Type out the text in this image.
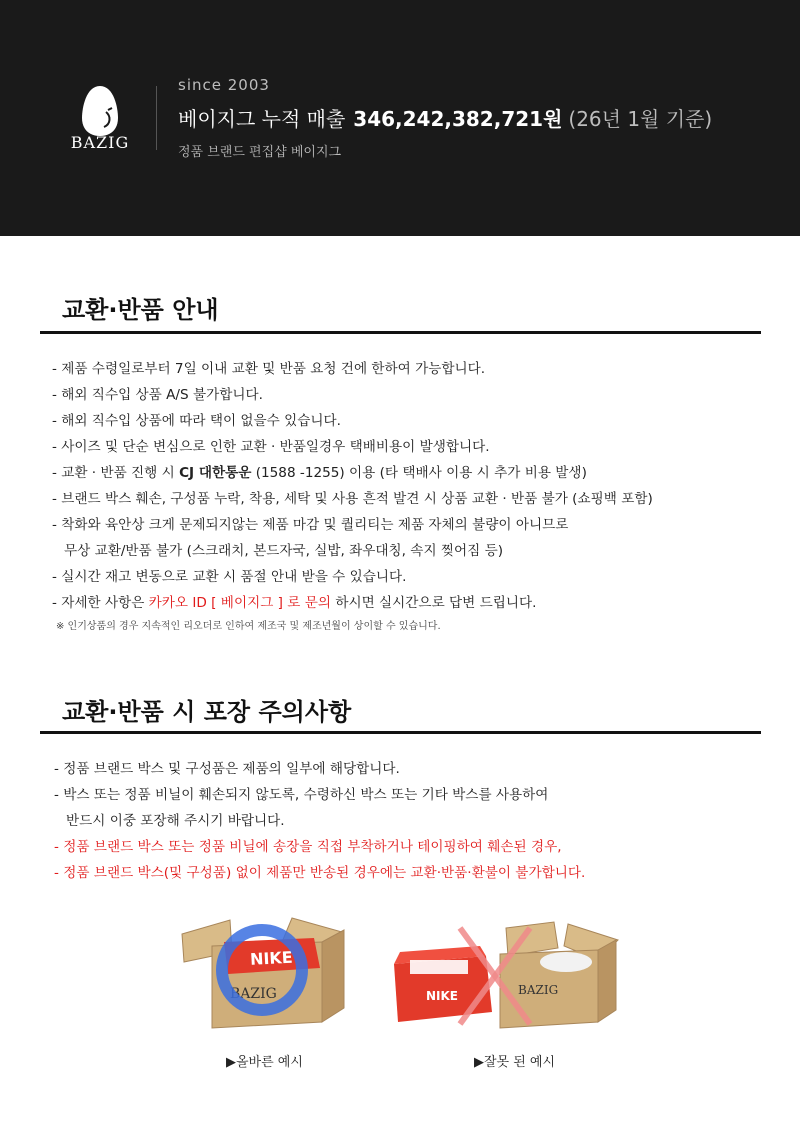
BAZIG
since 2003
베이지그 누적 매출 346,242,382,721원 (26년 1월 기준)
정품 브랜드 편집샵 베이지그
교환·반품 안내
- 제품 수령일로부터 7일 이내 교환 및 반품 요청 건에 한하여 가능합니다.
- 해외 직수입 상품 A/S 불가합니다.
- 해외 직수입 상품에 따라 택이 없을수 있습니다.
- 사이즈 및 단순 변심으로 인한 교환 · 반품일경우 택배비용이 발생합니다.
- 교환 · 반품 진행 시 CJ 대한통운 (1588 -1255) 이용 (타 택배사 이용 시 추가 비용 발생)
- 브랜드 박스 훼손, 구성품 누락, 착용, 세탁 및 사용 흔적 발견 시 상품 교환 · 반품 불가 (쇼핑백 포함)
- 착화와 육안상 크게 문제되지않는 제품 마감 및 퀄리티는 제품 자체의 불량이 아니므로
무상 교환/반품 불가 (스크래치, 본드자국, 실밥, 좌우대칭, 속지 찢어짐 등)
- 실시간 재고 변동으로 교환 시 품절 안내 받을 수 있습니다.
- 자세한 사항은 카카오 ID [ 베이지그 ] 로 문의 하시면 실시간으로 답변 드립니다.
※ 인기상품의 경우 지속적인 리오더로 인하여 제조국 및 제조년월이 상이할 수 있습니다.
교환·반품 시 포장 주의사항
- 정품 브랜드 박스 및 구성품은 제품의 일부에 해당합니다.
- 박스 또는 정품 비닐이 훼손되지 않도록, 수령하신 박스 또는 기타 박스를 사용하여
반드시 이중 포장해 주시기 바랍니다.
- 정품 브랜드 박스 또는 정품 비닐에 송장을 직접 부착하거나 테이핑하여 훼손된 경우,
- 정품 브랜드 박스(및 구성품) 없이 제품만 반송된 경우에는 교환·반품·환불이 불가합니다.
NIKE
BAZIG
▶올바른 예시
NIKE	BAZIG
▶잘못 된 예시
